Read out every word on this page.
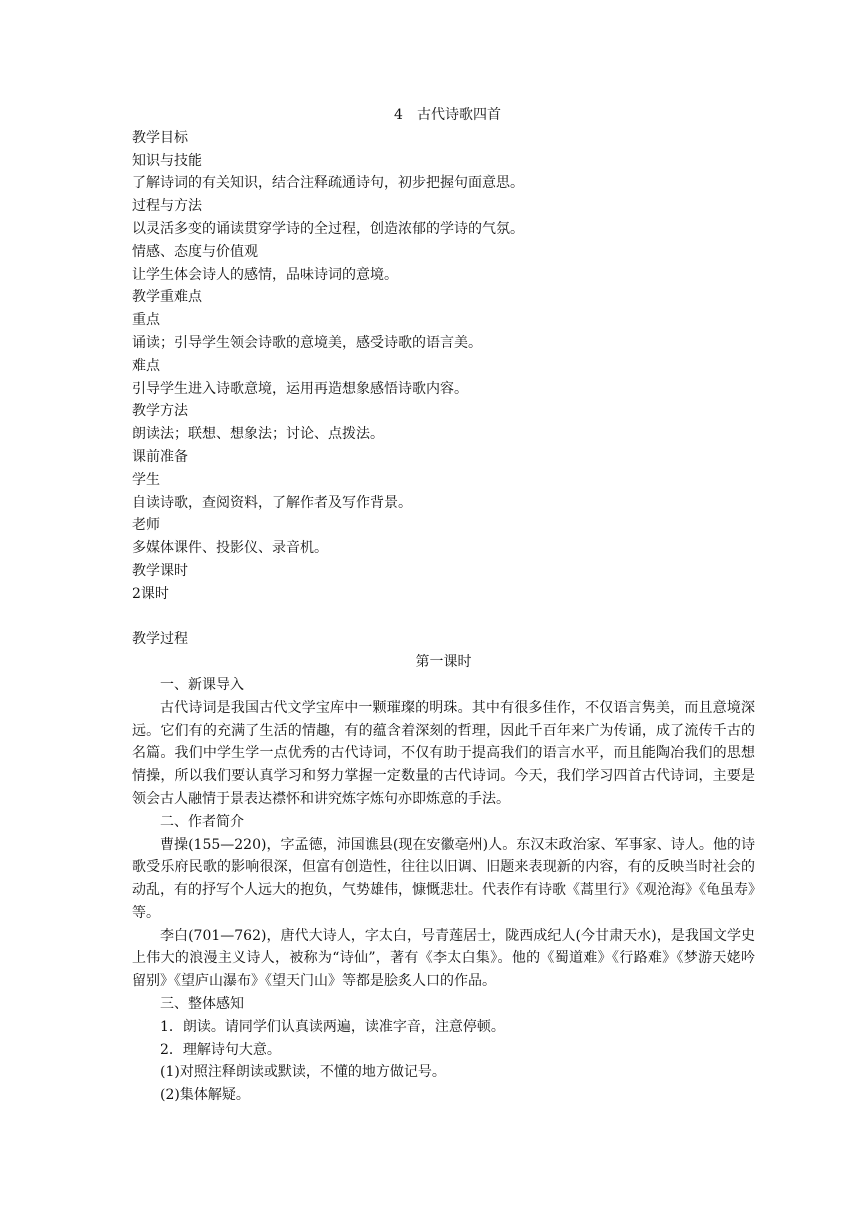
4　古代诗歌四首
教学目标
知识与技能
了解诗词的有关知识，结合注释疏通诗句，初步把握句面意思。
过程与方法
以灵活多变的诵读贯穿学诗的全过程，创造浓郁的学诗的气氛。
情感、态度与价值观
让学生体会诗人的感情，品味诗词的意境。
教学重难点
重点
诵读；引导学生领会诗歌的意境美，感受诗歌的语言美。
难点
引导学生进入诗歌意境，运用再造想象感悟诗歌内容。
教学方法
朗读法；联想、想象法；讨论、点拨法。
课前准备
学生
自读诗歌，查阅资料，了解作者及写作背景。
老师
多媒体课件、投影仪、录音机。
教学课时
2课时
教学过程
第一课时
一、新课导入
古代诗词是我国古代文学宝库中一颗璀璨的明珠。其中有很多佳作，不仅语言隽美，而且意境深远。它们有的充满了生活的情趣，有的蕴含着深刻的哲理，因此千百年来广为传诵，成了流传千古的名篇。我们中学生学一点优秀的古代诗词，不仅有助于提高我们的语言水平，而且能陶冶我们的思想情操，所以我们要认真学习和努力掌握一定数量的古代诗词。今天，我们学习四首古代诗词，主要是领会古人融情于景表达襟怀和讲究炼字炼句亦即炼意的手法。
二、作者简介
曹操(155—220)，字孟德，沛国谯县(现在安徽亳州)人。东汉末政治家、军事家、诗人。他的诗歌受乐府民歌的影响很深，但富有创造性，往往以旧调、旧题来表现新的内容，有的反映当时社会的动乱，有的抒写个人远大的抱负，气势雄伟，慷慨悲壮。代表作有诗歌《蒿里行》《观沧海》《龟虽寿》等。
李白(701—762)，唐代大诗人，字太白，号青莲居士，陇西成纪人(今甘肃天水)，是我国文学史上伟大的浪漫主义诗人，被称为“诗仙”，著有《李太白集》。他的《蜀道难》《行路难》《梦游天姥吟留别》《望庐山瀑布》《望天门山》等都是脍炙人口的作品。
三、整体感知
1．朗读。请同学们认真读两遍，读准字音，注意停顿。
2．理解诗句大意。
(1)对照注释朗读或默读，不懂的地方做记号。
(2)集体解疑。
